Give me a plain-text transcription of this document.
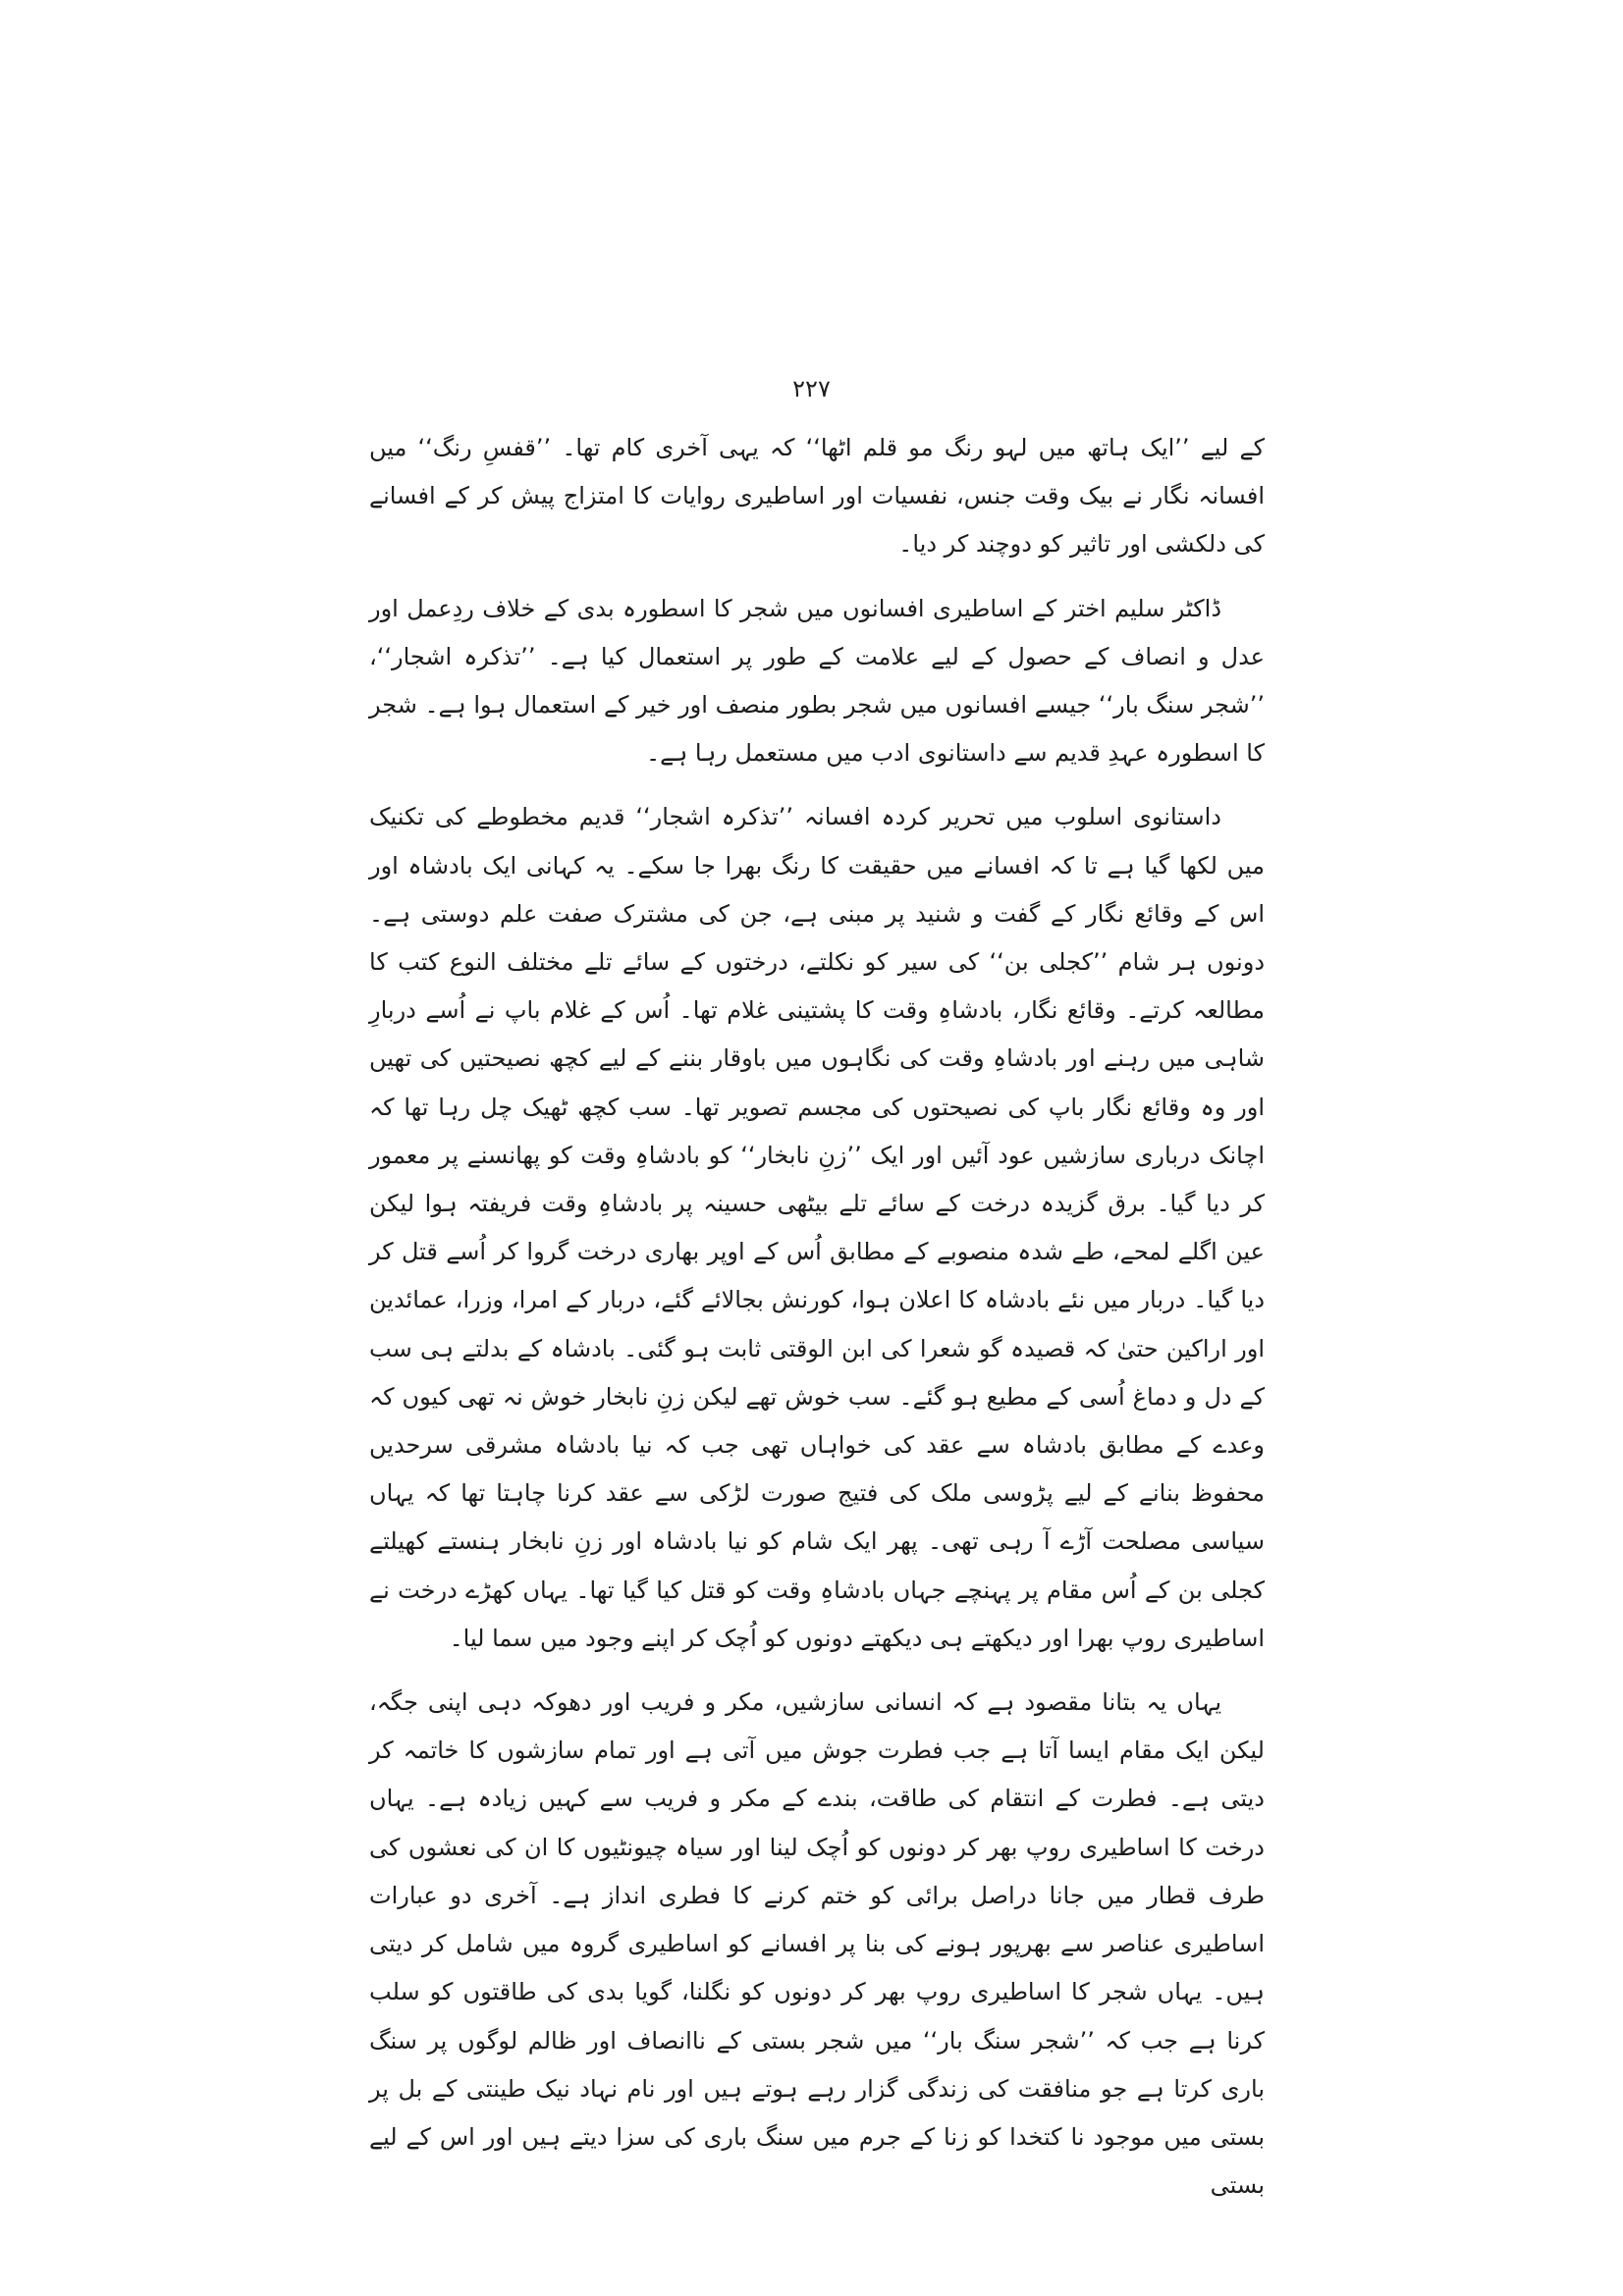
۲۲۷

کے لیے ’’ایک ہاتھ میں لہو رنگ مو قلم اٹھا‘‘ کہ یہی آخری کام تھا۔ ’’قفسِ رنگ‘‘ میں افسانہ نگار نے بیک وقت جنس، نفسیات اور اساطیری روایات کا امتزاج پیش کر کے افسانے کی دلکشی اور تاثیر کو دوچند کر دیا۔

ڈاکٹر سلیم اختر کے اساطیری افسانوں میں شجر کا اسطورہ بدی کے خلاف ردِعمل اور عدل و انصاف کے حصول کے لیے علامت کے طور پر استعمال کیا ہے۔ ’’تذکرہ اشجار‘‘، ’’شجر سنگ بار‘‘ جیسے افسانوں میں شجر بطور منصف اور خیر کے استعمال ہوا ہے۔ شجر کا اسطورہ عہدِ قدیم سے داستانوی ادب میں مستعمل رہا ہے۔

داستانوی اسلوب میں تحریر کردہ افسانہ ’’تذکرہ اشجار‘‘ قدیم مخطوطے کی تکنیک میں لکھا گیا ہے تا کہ افسانے میں حقیقت کا رنگ بھرا جا سکے۔ یہ کہانی ایک بادشاہ اور اس کے وقائع نگار کے گفت و شنید پر مبنی ہے، جن کی مشترک صفت علم دوستی ہے۔ دونوں ہر شام ’’کجلی بن‘‘ کی سیر کو نکلتے، درختوں کے سائے تلے مختلف النوع کتب کا مطالعہ کرتے۔ وقائع نگار، بادشاہِ وقت کا پشتینی غلام تھا۔ اُس کے غلام باپ نے اُسے دربارِ شاہی میں رہنے اور بادشاہِ وقت کی نگاہوں میں باوقار بننے کے لیے کچھ نصیحتیں کی تھیں اور وہ وقائع نگار باپ کی نصیحتوں کی مجسم تصویر تھا۔ سب کچھ ٹھیک چل رہا تھا کہ اچانک درباری سازشیں عود آئیں اور ایک ’’زنِ نابخار‘‘ کو بادشاہِ وقت کو پھانسنے پر معمور کر دیا گیا۔ برق گزیدہ درخت کے سائے تلے بیٹھی حسینہ پر بادشاہِ وقت فریفتہ ہوا لیکن عین اگلے لمحے، طے شدہ منصوبے کے مطابق اُس کے اوپر بھاری درخت گروا کر اُسے قتل کر دیا گیا۔ دربار میں نئے بادشاہ کا اعلان ہوا، کورنش بجالائے گئے، دربار کے امرا، وزرا، عمائدین اور اراکین حتیٰ کہ قصیدہ گو شعرا کی ابن الوقتی ثابت ہو گئی۔ بادشاہ کے بدلتے ہی سب کے دل و دماغ اُسی کے مطیع ہو گئے۔ سب خوش تھے لیکن زنِ نابخار خوش نہ تھی کیوں کہ وعدے کے مطابق بادشاہ سے عقد کی خواہاں تھی جب کہ نیا بادشاہ مشرقی سرحدیں محفوظ بنانے کے لیے پڑوسی ملک کی فتیج صورت لڑکی سے عقد کرنا چاہتا تھا کہ یہاں سیاسی مصلحت آڑے آ رہی تھی۔ پھر ایک شام کو نیا بادشاہ اور زنِ نابخار ہنستے کھیلتے کجلی بن کے اُس مقام پر پہنچے جہاں بادشاہِ وقت کو قتل کیا گیا تھا۔ یہاں کھڑے درخت نے اساطیری روپ بھرا اور دیکھتے ہی دیکھتے دونوں کو اُچک کر اپنے وجود میں سما لیا۔

یہاں یہ بتانا مقصود ہے کہ انسانی سازشیں، مکر و فریب اور دھوکہ دہی اپنی جگہ، لیکن ایک مقام ایسا آتا ہے جب فطرت جوش میں آتی ہے اور تمام سازشوں کا خاتمہ کر دیتی ہے۔ فطرت کے انتقام کی طاقت، بندے کے مکر و فریب سے کہیں زیادہ ہے۔ یہاں درخت کا اساطیری روپ بھر کر دونوں کو اُچک لینا اور سیاہ چیونٹیوں کا ان کی نعشوں کی طرف قطار میں جانا دراصل برائی کو ختم کرنے کا فطری انداز ہے۔ آخری دو عبارات اساطیری عناصر سے بھرپور ہونے کی بنا پر افسانے کو اساطیری گروہ میں شامل کر دیتی ہیں۔ یہاں شجر کا اساطیری روپ بھر کر دونوں کو نگلنا، گویا بدی کی طاقتوں کو سلب کرنا ہے جب کہ ’’شجر سنگ بار‘‘ میں شجر بستی کے ناانصاف اور ظالم لوگوں پر سنگ باری کرتا ہے جو منافقت کی زندگی گزار رہے ہوتے ہیں اور نام نہاد نیک طینتی کے بل پر بستی میں موجود نا کتخدا کو زنا کے جرم میں سنگ باری کی سزا دیتے ہیں اور اس کے لیے بستی
